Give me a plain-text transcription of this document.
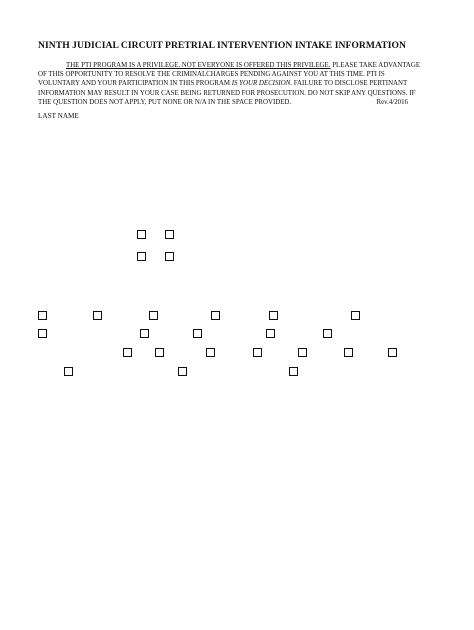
NINTH JUDICIAL CIRCUIT PRETRIAL INTERVENTION INTAKE INFORMATION
THE PTI PROGRAM IS A PRIVILEGE. NOT EVERYONE IS OFFERED THIS PRIVILEGE. PLEASE TAKE ADVANTAGE
OF THIS OPPORTUNITY TO RESOLVE THE CRIMINALCHARGES PENDING AGAINST YOU AT THIS TIME. PTI IS
VOLUNTARY AND YOUR PARTICIPATION IN THIS PROGRAM IS YOUR DECISION. FAILURE TO DISCLOSE PERTINANT
INFORMATION MAY RESULT IN YOUR CASE BEING RETURNED FOR PROSECUTION. DO NOT SKIP ANY QUESTIONS. IF
THE QUESTION DOES NOT APPLY, PUT NONE OR N/A IN THE SPACE PROVIDED.	Rev.4/2016
LAST NAME
